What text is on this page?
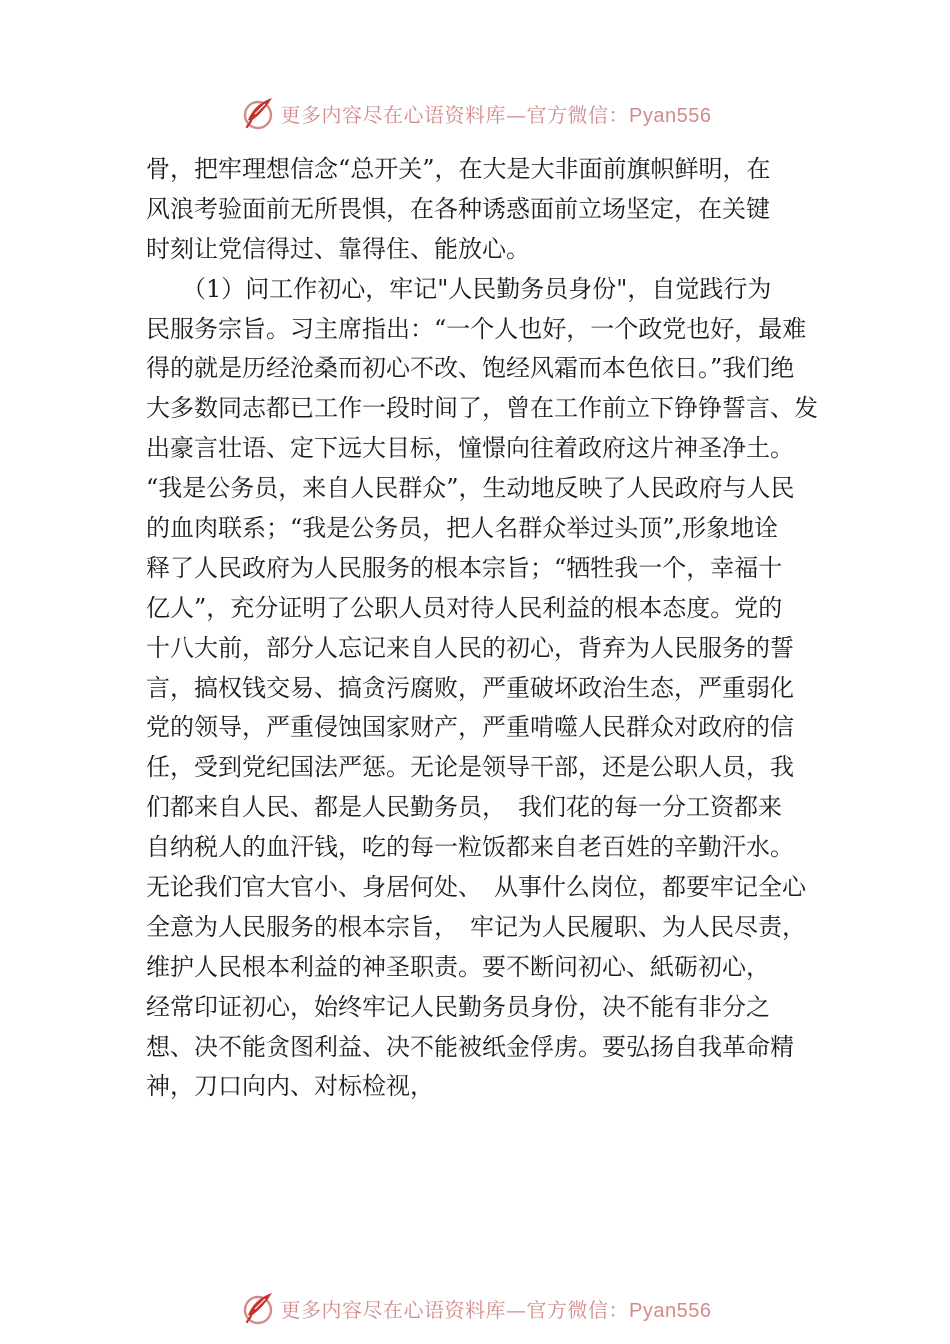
更多内容尽在心语资料库—官方微信：Pyan556
骨，把牢理想信念“总开关”，在大是大非面前旗帜鲜明，在
风浪考验面前无所畏惧，在各种诱惑面前立场坚定，在关键
时刻让党信得过、靠得住、能放心。
　　（1）问工作初心，牢记"人民勤务员身份"，自觉践行为
民服务宗旨。习主席指出：“一个人也好，一个政党也好，最难
得的就是历经沧桑而初心不改、饱经风霜而本色依日。”我们绝
大多数同志都已工作一段时间了，曾在工作前立下铮铮誓言、发
出豪言壮语、定下远大目标，憧憬向往着政府这片神圣净土。
“我是公务员，来自人民群众”，生动地反映了人民政府与人民
的血肉联系；“我是公务员，把人名群众举过头顶”,形象地诠
释了人民政府为人民服务的根本宗旨；“牺牲我一个，幸福十
亿人”，充分证明了公职人员对待人民利益的根本态度。党的
十八大前，部分人忘记来自人民的初心，背弃为人民服务的誓
言，搞权钱交易、搞贪污腐败，严重破坏政治生态，严重弱化
党的领导，严重侵蚀国家财产，严重啃噬人民群众对政府的信
任，受到党纪国法严惩。无论是领导干部，还是公职人员，我
们都来自人民、都是人民勤务员，　我们花的每一分工资都来
自纳税人的血汗钱，吃的每一粒饭都来自老百姓的辛勤汗水。
无论我们官大官小、身居何处、　从事什么岗位，都要牢记全心
全意为人民服务的根本宗旨，　牢记为人民履职、为人民尽责，
维护人民根本利益的神圣职责。要不断问初心、紙砺初心，
经常印证初心，始终牢记人民勤务员身份，决不能有非分之
想、决不能贪图利益、决不能被纸金俘虏。要弘扬自我革命精
神，刀口向内、对标检视，
更多内容尽在心语资料库—官方微信：Pyan556
